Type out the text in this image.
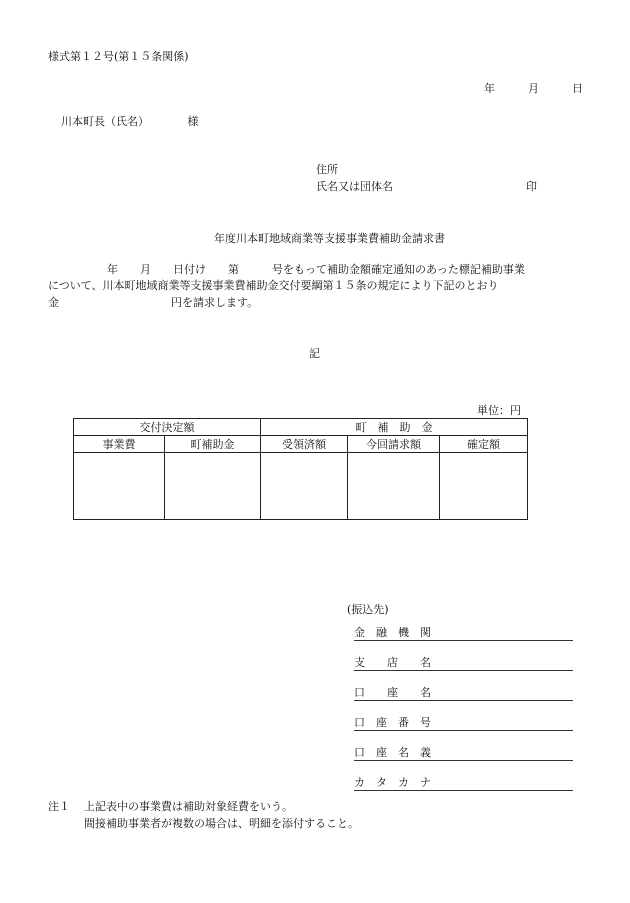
様式第１２号(第１５条関係)
年　　　月　　　日
川本町長（氏名）　　　　様
住所
氏名又は団体名	印
年度川本町地域商業等支援事業費補助金請求書
年　　月　　日付け　　第　　　号をもって補助金額確定通知のあった標記補助事業
について、川本町地域商業等支援事業費補助金交付要綱第１５条の規定により下記のとおり
金	円を請求します。
記
単位：円
交付決定額		町　補　助　金		
事業費	町補助金	受領済額	今回請求額	確定額

(振込先)
金　融　機　関
支　　店　　名
口　　座　　名
口　座　番　号
口　座　名　義
カ　タ　カ　ナ
注１ 上記表中の事業費は補助対象経費をいう。
間接補助事業者が複数の場合は、明細を添付すること。
